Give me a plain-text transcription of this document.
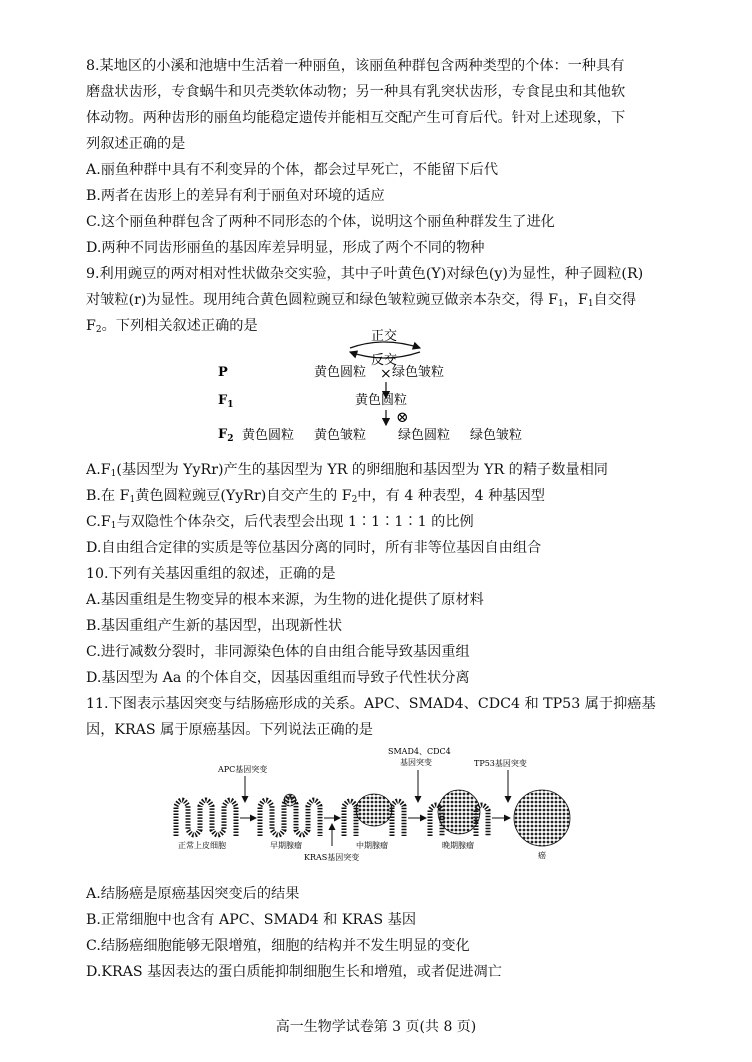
8.某地区的小溪和池塘中生活着一种丽鱼，该丽鱼种群包含两种类型的个体：一种具有
磨盘状齿形，专食蜗牛和贝壳类软体动物；另一种具有乳突状齿形，专食昆虫和其他软
体动物。两种齿形的丽鱼均能稳定遗传并能相互交配产生可育后代。针对上述现象，下
列叙述正确的是
A.丽鱼种群中具有不利变异的个体，都会过早死亡，不能留下后代
B.两者在齿形上的差异有利于丽鱼对环境的适应
C.这个丽鱼种群包含了两种不同形态的个体，说明这个丽鱼种群发生了进化
D.两种不同齿形丽鱼的基因库差异明显，形成了两个不同的物种
9.利用豌豆的两对相对性状做杂交实验，其中子叶黄色(Y)对绿色(y)为显性，种子圆粒(R)
对皱粒(r)为显性。现用纯合黄色圆粒豌豆和绿色皱粒豌豆做亲本杂交，得 $F_1$，$F_1$自交得
$F_2$。下列相关叙述正确的是
正交
反交
P	黄色圆粒 × 绿色皱粒
$F_1$	黄色圆粒
⊗
$F_2$ 黄色圆粒 黄色皱粒 绿色圆粒 绿色皱粒
$A.F_1$(基因型为 YyRr)产生的基因型为 YR 的卵细胞和基因型为 YR 的精子数量相同
B.在 $F_1$黄色圆粒豌豆(YyRr)自交产生的 $F_2$中，有 4 种表型，4 种基因型
$C.F_1$与双隐性个体杂交，后代表型会出现 1∶1∶1∶1 的比例
D.自由组合定律的实质是等位基因分离的同时，所有非等位基因自由组合
10.下列有关基因重组的叙述，正确的是
A.基因重组是生物变异的根本来源，为生物的进化提供了原材料
B.基因重组产生新的基因型，出现新性状
C.进行减数分裂时，非同源染色体的自由组合能导致基因重组
D.基因型为 Aa 的个体自交，因基因重组而导致子代性状分离
11.下图表示基因突变与结肠癌形成的关系。APC、SMAD4、CDC4 和 TP53 属于抑癌基
因，KRAS 属于原癌基因。下列说法正确的是
APC基因突变
SMAD4、CDC4
基因突变	TP53基因突变
KRAS基因突变
正常上皮细胞	早期腺瘤	中期腺瘤	晚期腺瘤
癌
A.结肠癌是原癌基因突变后的结果
B.正常细胞中也含有 APC、SMAD4 和 KRAS 基因
C.结肠癌细胞能够无限增殖，细胞的结构并不发生明显的变化
D.KRAS 基因表达的蛋白质能抑制细胞生长和增殖，或者促进凋亡
高一生物学试卷第 3 页(共 8 页)
